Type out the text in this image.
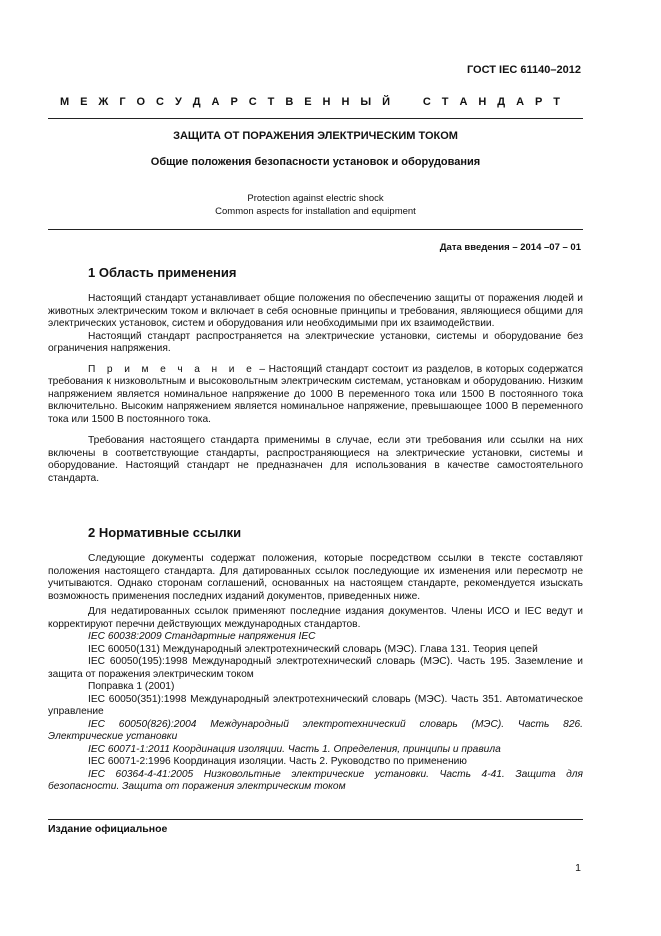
ГОСТ IEC 61140–2012
М Е Ж Г О С У Д А Р С Т В Е Н Н Ы Й	С Т А Н Д А Р Т
ЗАЩИТА ОТ ПОРАЖЕНИЯ ЭЛЕКТРИЧЕСКИМ ТОКОМ
Общие положения безопасности установок и оборудования
Protection against electric shock
Common aspects for installation and equipment
Дата введения – 2014 –07 – 01
1 Область применения

Настоящий стандарт устанавливает общие положения по обеспечению защиты от поражения людей и животных электрическим током и включает в себя основные принципы и требования, являющиеся общими для электрических установок, систем и оборудования или необходимыми при их взаимодействии.

Настоящий стандарт распространяется на электрические установки, системы и оборудование без ограничения напряжения.

П р и м е ч а н и е – Настоящий стандарт состоит из разделов, в которых содержатся требования к низковольтным и высоковольтным электрическим системам, установкам и оборудованию. Низким напряжением является номинальное напряжение до 1000 В переменного тока или 1500 В постоянного тока включительно. Высоким напряжением является номинальное напряжение, превышающее 1000 В переменного тока или 1500 В постоянного тока.

Требования настоящего стандарта применимы в случае, если эти требования или ссылки на них включены в соответствующие стандарты, распространяющиеся на электрические установки, системы и оборудование. Настоящий стандарт не предназначен для использования в качестве самостоятельного стандарта.

2 Нормативные ссылки

Следующие документы содержат положения, которые посредством ссылки в тексте составляют положения настоящего стандарта. Для датированных ссылок последующие их изменения или пересмотр не учитываются. Однако сторонам соглашений, основанных на настоящем стандарте, рекомендуется изыскать возможность применения последних изданий документов, приведенных ниже.

Для недатированных ссылок применяют последние издания документов. Члены ИСО и IEC ведут и корректируют перечни действующих международных стандартов.

IEC 60038:2009 Стандартные напряжения IEC

IEC 60050(131) Международный электротехнический словарь (МЭС). Глава 131. Теория цепей

IEC 60050(195):1998 Международный электротехнический словарь (МЭС). Часть 195. Заземление и защита от поражения электрическим током

Поправка 1 (2001)

IEC 60050(351):1998 Международный электротехнический словарь (МЭС). Часть 351. Автоматическое управление

IEC 60050(826):2004 Международный электротехнический словарь (МЭС). Часть 826. Электрические установки

IEC 60071-1:2011 Координация изоляции. Часть 1. Определения, принципы и правила

IEC 60071-2:1996 Координация изоляции. Часть 2. Руководство по применению

IEC 60364-4-41:2005 Низковольтные электрические установки. Часть 4-41. Защита для безопасности. Защита от поражения электрическим током

Издание официальное
1
